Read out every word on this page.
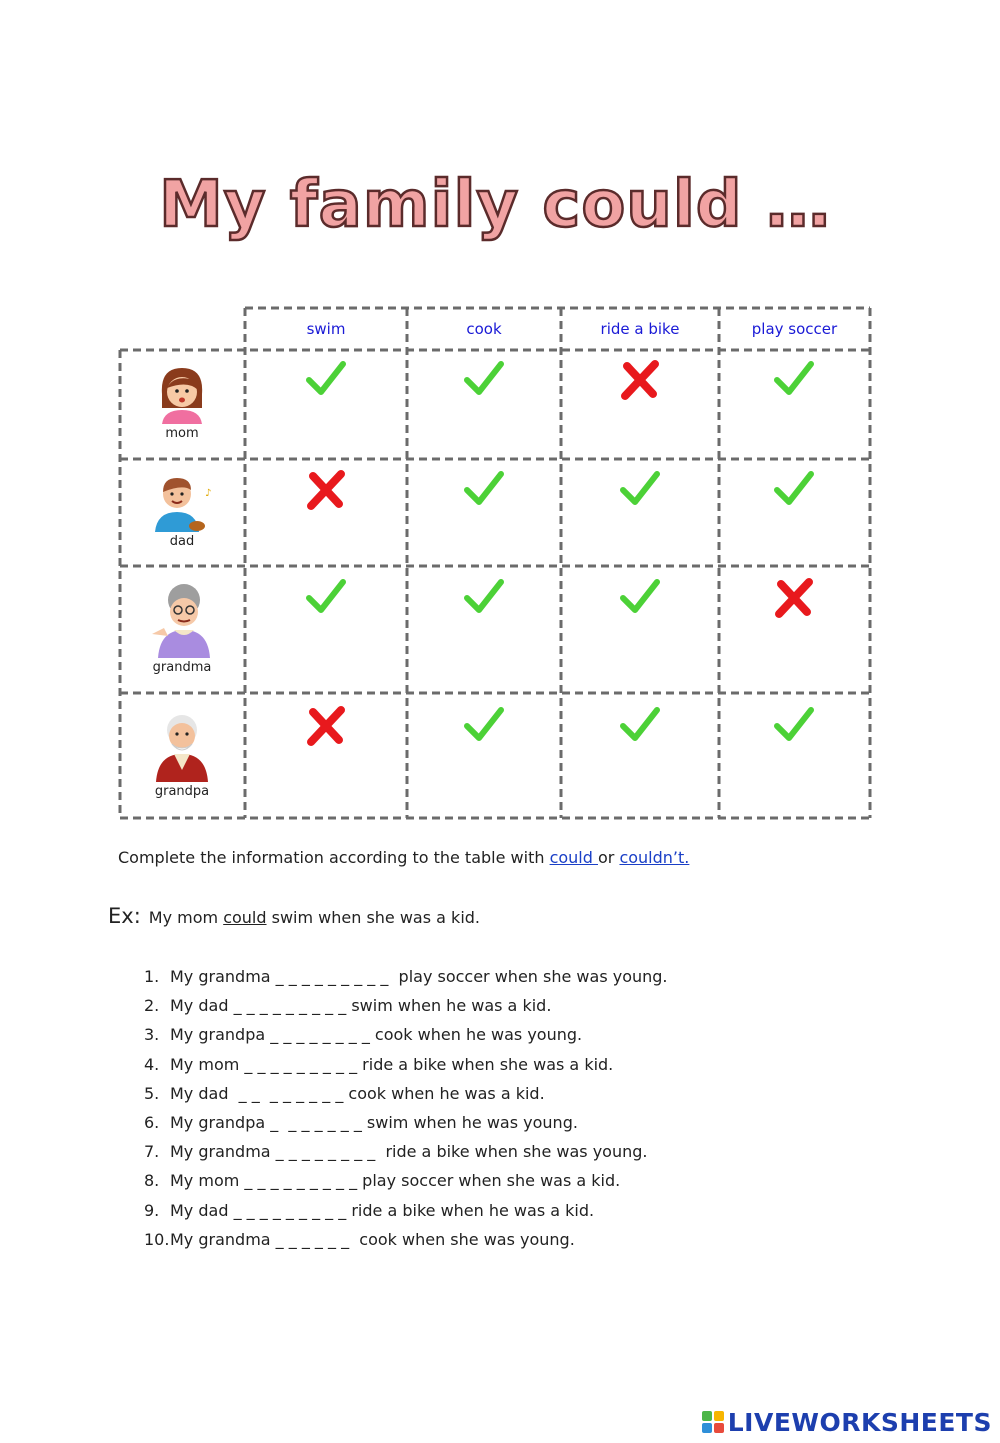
My family could …
swim	cook	ride a bike	play soccer
mom
♪
dad
grandma
grandpa
Complete the information according to the table with could or couldn’t.
Ex: My mom could swim when she was a kid.
1. My grandma _ _ _ _ _ _ _ _ _  play soccer when she was young.
2. My dad _ _ _ _ _ _ _ _ _ swim when he was a kid.
3. My grandpa _ _ _ _ _ _ _ _ cook when he was young.
4. My mom _ _ _ _ _ _ _ _ _ ride a bike when she was a kid.
5. My dad  _ _  _ _ _ _ _ _ cook when he was a kid.
6. My grandpa _  _ _ _ _ _ _ swim when he was young.
7. My grandma _ _ _ _ _ _ _ _  ride a bike when she was young.
8. My mom _ _ _ _ _ _ _ _ _ play soccer when she was a kid.
9. My dad _ _ _ _ _ _ _ _ _ ride a bike when he was a kid.
10.My grandma _ _ _ _ _ _  cook when she was young.
LIVEWORKSHEETS
